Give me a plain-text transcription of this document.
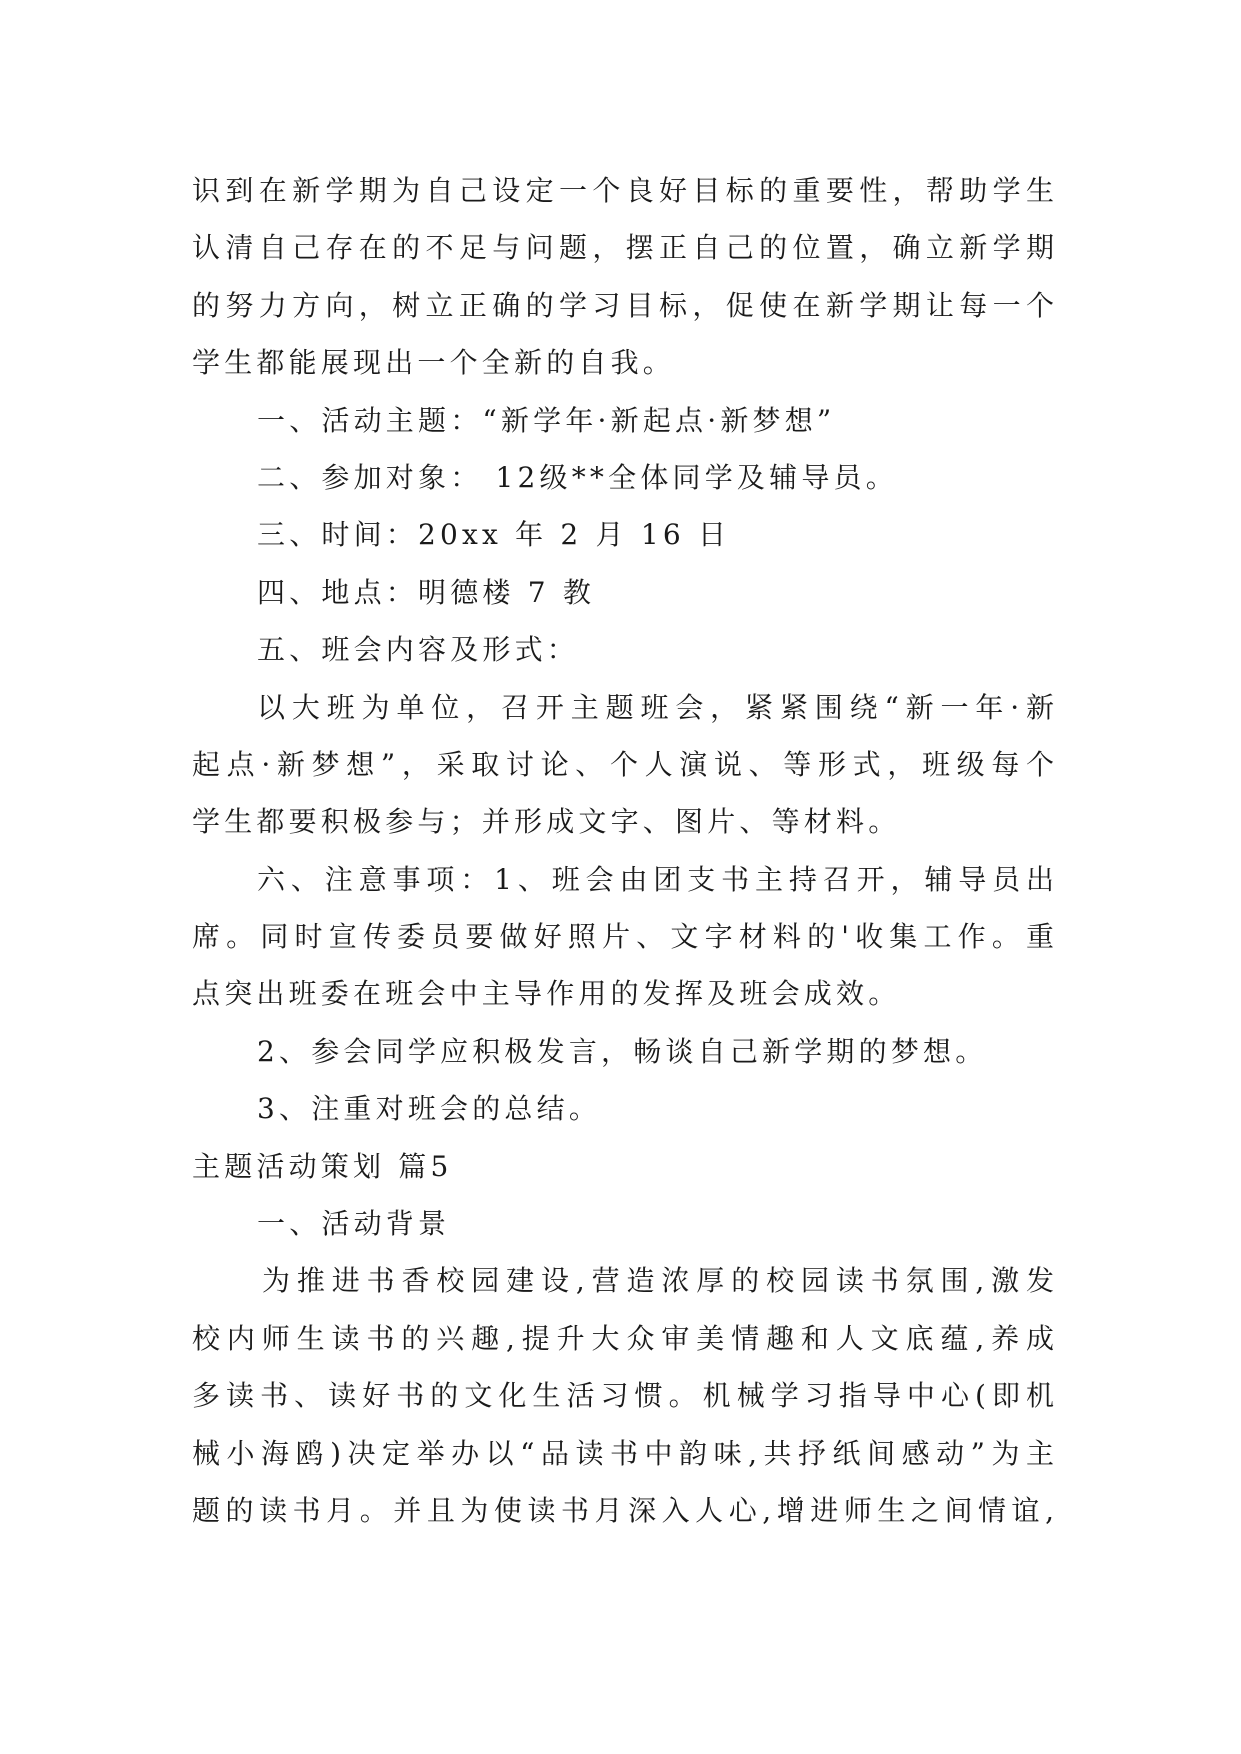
识到在新学期为自己设定一个良好目标的重要性，帮助学生
认清自己存在的不足与问题，摆正自己的位置，确立新学期
的努力方向，树立正确的学习目标，促使在新学期让每一个
学生都能展现出一个全新的自我。
一、活动主题：“新学年·新起点·新梦想”
二、参加对象： 12级**全体同学及辅导员。
三、时间：20xx 年 2 月 16 日
四、地点：明德楼 7 教
五、班会内容及形式：
以大班为单位，召开主题班会，紧紧围绕“新一年·新
起点·新梦想”，采取讨论、个人演说、等形式，班级每个
学生都要积极参与；并形成文字、图片、等材料。
六、注意事项：1、班会由团支书主持召开，辅导员出
席。同时宣传委员要做好照片、文字材料的'收集工作。重
点突出班委在班会中主导作用的发挥及班会成效。
2、参会同学应积极发言，畅谈自己新学期的梦想。
3、注重对班会的总结。
主题活动策划 篇5
一、活动背景
为推进书香校园建设,营造浓厚的校园读书氛围,激发
校内师生读书的兴趣,提升大众审美情趣和人文底蕴,养成
多读书、读好书的文化生活习惯。机械学习指导中心(即机
械小海鸥)决定举办以“品读书中韵味,共抒纸间感动”为主
题的读书月。并且为使读书月深入人心,增进师生之间情谊,
